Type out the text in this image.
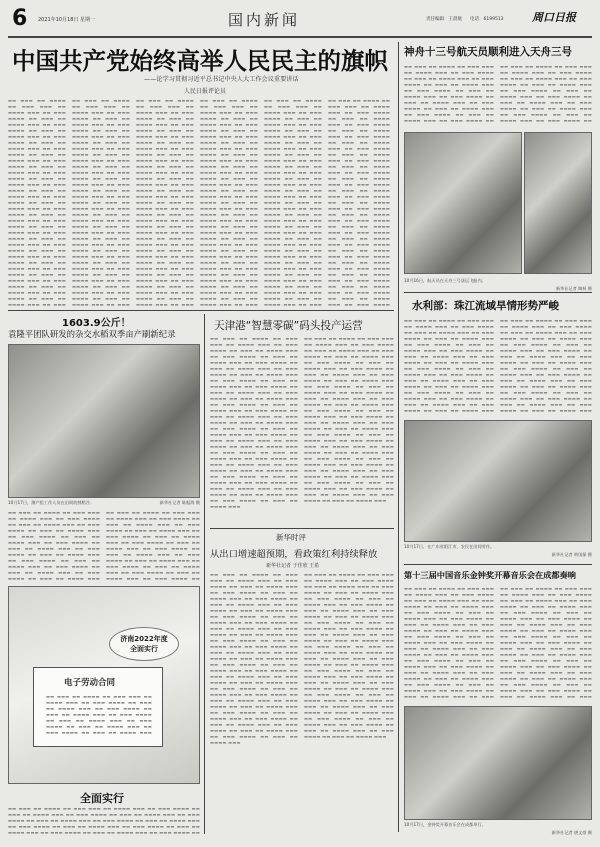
6 2021年10月18日 星期一	国内新闻	责任编辑：王晨航 电话：6199513	周口日报
中国共产党始终高举人民民主的旗帜
——论学习贯彻习近平总书记中央人大工作会议重要讲话
人民日报评论员
▬▬ ▬▬▬ ▬▬ ▬▬▬▬ ▬▬ ▬▬▬ ▬▬▬ ▬▬ ▬▬▬▬ ▬▬▬ ▬▬ ▬▬▬ ▬▬▬▬ ▬▬ ▬▬▬ ▬▬ ▬▬▬▬ ▬▬▬ ▬▬ ▬▬▬ ▬▬▬▬ ▬▬ ▬▬▬ ▬▬ ▬▬▬▬ ▬▬▬ ▬▬ ▬▬▬ ▬▬▬▬ ▬▬ ▬▬▬ ▬▬ ▬▬▬▬ ▬▬▬ ▬▬ ▬▬▬ ▬▬▬▬ ▬▬ ▬▬▬ ▬▬ ▬▬▬▬ ▬▬▬ ▬▬ ▬▬▬ ▬▬▬▬ ▬▬ ▬▬▬ ▬▬ ▬▬▬▬ ▬▬▬ ▬▬ ▬▬▬ ▬▬▬▬ ▬▬ ▬▬▬ ▬▬ ▬▬▬▬ ▬▬▬ ▬▬ ▬▬▬ ▬▬▬▬ ▬▬ ▬▬▬ ▬▬ ▬▬▬▬ ▬▬▬ ▬▬ ▬▬▬ ▬▬▬▬ ▬▬ ▬▬▬ ▬▬ ▬▬▬▬ ▬▬▬ ▬▬ ▬▬▬ ▬▬▬▬ ▬▬ ▬▬▬ ▬▬ ▬▬▬▬ ▬▬▬ ▬▬ ▬▬▬ ▬▬▬▬ ▬▬ ▬▬▬ ▬▬ ▬▬▬▬ ▬▬▬ ▬▬ ▬▬▬ ▬▬▬▬ ▬▬ ▬▬▬ ▬▬ ▬▬▬▬ ▬▬▬ ▬▬ ▬▬▬ ▬▬▬▬ ▬▬ ▬▬▬ ▬▬ ▬▬▬▬ ▬▬▬ ▬▬ ▬▬▬ ▬▬▬▬ ▬▬ ▬▬▬ ▬▬ ▬▬▬▬ ▬▬▬ ▬▬ ▬▬▬ ▬▬▬▬ ▬▬ ▬▬▬ ▬▬ ▬▬▬▬ ▬▬▬ ▬▬ ▬▬▬ ▬▬▬▬ ▬▬ ▬▬▬ ▬▬ ▬▬▬▬ ▬▬▬ ▬▬ ▬▬▬ ▬▬▬▬ ▬▬ ▬▬▬ ▬▬ ▬▬▬▬ ▬▬▬ ▬▬ ▬▬▬ ▬▬▬▬ ▬▬ ▬▬▬ ▬▬ ▬▬▬▬ ▬▬▬ ▬▬ ▬▬▬ ▬▬▬▬ ▬▬ ▬▬▬ ▬▬ ▬▬▬▬ ▬▬▬ ▬▬ ▬▬▬ ▬▬▬▬ ▬▬ ▬▬▬ ▬▬ ▬▬▬▬ ▬▬▬ ▬▬ ▬▬▬ ▬▬▬▬ ▬▬ ▬▬▬ ▬▬ ▬▬▬▬ ▬▬▬
▬▬ ▬▬▬ ▬▬ ▬▬▬▬ ▬▬ ▬▬▬ ▬▬▬ ▬▬ ▬▬▬▬ ▬▬▬ ▬▬ ▬▬▬ ▬▬▬▬ ▬▬ ▬▬▬ ▬▬ ▬▬▬▬ ▬▬▬ ▬▬ ▬▬▬ ▬▬▬▬ ▬▬ ▬▬▬ ▬▬ ▬▬▬▬ ▬▬▬ ▬▬ ▬▬▬ ▬▬▬▬ ▬▬ ▬▬▬ ▬▬ ▬▬▬▬ ▬▬▬ ▬▬ ▬▬▬ ▬▬▬▬ ▬▬ ▬▬▬ ▬▬ ▬▬▬▬ ▬▬▬ ▬▬ ▬▬▬ ▬▬▬▬ ▬▬ ▬▬▬ ▬▬ ▬▬▬▬ ▬▬▬ ▬▬ ▬▬▬ ▬▬▬▬ ▬▬ ▬▬▬ ▬▬ ▬▬▬▬ ▬▬▬ ▬▬ ▬▬▬ ▬▬▬▬ ▬▬ ▬▬▬ ▬▬ ▬▬▬▬ ▬▬▬ ▬▬ ▬▬▬ ▬▬▬▬ ▬▬ ▬▬▬ ▬▬ ▬▬▬▬ ▬▬▬ ▬▬ ▬▬▬ ▬▬▬▬ ▬▬ ▬▬▬ ▬▬ ▬▬▬▬ ▬▬▬ ▬▬ ▬▬▬ ▬▬▬▬ ▬▬ ▬▬▬ ▬▬ ▬▬▬▬ ▬▬▬ ▬▬ ▬▬▬ ▬▬▬▬ ▬▬ ▬▬▬ ▬▬ ▬▬▬▬ ▬▬▬ ▬▬ ▬▬▬ ▬▬▬▬ ▬▬ ▬▬▬ ▬▬ ▬▬▬▬ ▬▬▬ ▬▬ ▬▬▬ ▬▬▬▬ ▬▬ ▬▬▬ ▬▬ ▬▬▬▬ ▬▬▬ ▬▬ ▬▬▬ ▬▬▬▬ ▬▬ ▬▬▬ ▬▬ ▬▬▬▬ ▬▬▬ ▬▬ ▬▬▬ ▬▬▬▬ ▬▬ ▬▬▬ ▬▬ ▬▬▬▬ ▬▬▬ ▬▬ ▬▬▬ ▬▬▬▬ ▬▬ ▬▬▬ ▬▬ ▬▬▬▬ ▬▬▬ ▬▬ ▬▬▬ ▬▬▬▬ ▬▬ ▬▬▬ ▬▬ ▬▬▬▬ ▬▬▬ ▬▬ ▬▬▬ ▬▬▬▬ ▬▬ ▬▬▬ ▬▬ ▬▬▬▬ ▬▬▬ ▬▬ ▬▬▬ ▬▬▬▬ ▬▬ ▬▬▬ ▬▬ ▬▬▬▬ ▬▬▬ ▬▬ ▬▬▬ ▬▬▬▬ ▬▬ ▬▬▬ ▬▬ ▬▬▬▬ ▬▬▬
▬▬ ▬▬▬ ▬▬ ▬▬▬▬ ▬▬ ▬▬▬ ▬▬▬ ▬▬ ▬▬▬▬ ▬▬▬ ▬▬ ▬▬▬ ▬▬▬▬ ▬▬ ▬▬▬ ▬▬ ▬▬▬▬ ▬▬▬ ▬▬ ▬▬▬ ▬▬▬▬ ▬▬ ▬▬▬ ▬▬ ▬▬▬▬ ▬▬▬ ▬▬ ▬▬▬ ▬▬▬▬ ▬▬ ▬▬▬ ▬▬ ▬▬▬▬ ▬▬▬ ▬▬ ▬▬▬ ▬▬▬▬ ▬▬ ▬▬▬ ▬▬ ▬▬▬▬ ▬▬▬ ▬▬ ▬▬▬ ▬▬▬▬ ▬▬ ▬▬▬ ▬▬ ▬▬▬▬ ▬▬▬ ▬▬ ▬▬▬ ▬▬▬▬ ▬▬ ▬▬▬ ▬▬ ▬▬▬▬ ▬▬▬ ▬▬ ▬▬▬ ▬▬▬▬ ▬▬ ▬▬▬ ▬▬ ▬▬▬▬ ▬▬▬ ▬▬ ▬▬▬ ▬▬▬▬ ▬▬ ▬▬▬ ▬▬ ▬▬▬▬ ▬▬▬ ▬▬ ▬▬▬ ▬▬▬▬ ▬▬ ▬▬▬ ▬▬ ▬▬▬▬ ▬▬▬ ▬▬ ▬▬▬ ▬▬▬▬ ▬▬ ▬▬▬ ▬▬ ▬▬▬▬ ▬▬▬ ▬▬ ▬▬▬ ▬▬▬▬ ▬▬ ▬▬▬ ▬▬ ▬▬▬▬ ▬▬▬ ▬▬ ▬▬▬ ▬▬▬▬ ▬▬ ▬▬▬ ▬▬ ▬▬▬▬ ▬▬▬ ▬▬ ▬▬▬ ▬▬▬▬ ▬▬ ▬▬▬ ▬▬ ▬▬▬▬ ▬▬▬ ▬▬ ▬▬▬ ▬▬▬▬ ▬▬ ▬▬▬ ▬▬ ▬▬▬▬ ▬▬▬ ▬▬ ▬▬▬ ▬▬▬▬ ▬▬ ▬▬▬ ▬▬ ▬▬▬▬ ▬▬▬ ▬▬ ▬▬▬ ▬▬▬▬ ▬▬ ▬▬▬ ▬▬ ▬▬▬▬ ▬▬▬ ▬▬ ▬▬▬ ▬▬▬▬ ▬▬ ▬▬▬ ▬▬ ▬▬▬▬ ▬▬▬ ▬▬ ▬▬▬ ▬▬▬▬ ▬▬ ▬▬▬ ▬▬ ▬▬▬▬ ▬▬▬ ▬▬ ▬▬▬ ▬▬▬▬ ▬▬ ▬▬▬ ▬▬ ▬▬▬▬ ▬▬▬ ▬▬ ▬▬▬ ▬▬▬▬ ▬▬ ▬▬▬ ▬▬ ▬▬▬▬ ▬▬▬
▬▬ ▬▬▬ ▬▬ ▬▬▬▬ ▬▬ ▬▬▬ ▬▬▬ ▬▬ ▬▬▬▬ ▬▬▬ ▬▬ ▬▬▬ ▬▬▬▬ ▬▬ ▬▬▬ ▬▬ ▬▬▬▬ ▬▬▬ ▬▬ ▬▬▬ ▬▬▬▬ ▬▬ ▬▬▬ ▬▬ ▬▬▬▬ ▬▬▬ ▬▬ ▬▬▬ ▬▬▬▬ ▬▬ ▬▬▬ ▬▬ ▬▬▬▬ ▬▬▬ ▬▬ ▬▬▬ ▬▬▬▬ ▬▬ ▬▬▬ ▬▬ ▬▬▬▬ ▬▬▬ ▬▬ ▬▬▬ ▬▬▬▬ ▬▬ ▬▬▬ ▬▬ ▬▬▬▬ ▬▬▬ ▬▬ ▬▬▬ ▬▬▬▬ ▬▬ ▬▬▬ ▬▬ ▬▬▬▬ ▬▬▬ ▬▬ ▬▬▬ ▬▬▬▬ ▬▬ ▬▬▬ ▬▬ ▬▬▬▬ ▬▬▬ ▬▬ ▬▬▬ ▬▬▬▬ ▬▬ ▬▬▬ ▬▬ ▬▬▬▬ ▬▬▬ ▬▬ ▬▬▬ ▬▬▬▬ ▬▬ ▬▬▬ ▬▬ ▬▬▬▬ ▬▬▬ ▬▬ ▬▬▬ ▬▬▬▬ ▬▬ ▬▬▬ ▬▬ ▬▬▬▬ ▬▬▬ ▬▬ ▬▬▬ ▬▬▬▬ ▬▬ ▬▬▬ ▬▬ ▬▬▬▬ ▬▬▬ ▬▬ ▬▬▬ ▬▬▬▬ ▬▬ ▬▬▬ ▬▬ ▬▬▬▬ ▬▬▬ ▬▬ ▬▬▬ ▬▬▬▬ ▬▬ ▬▬▬ ▬▬ ▬▬▬▬ ▬▬▬ ▬▬ ▬▬▬ ▬▬▬▬ ▬▬ ▬▬▬ ▬▬ ▬▬▬▬ ▬▬▬ ▬▬ ▬▬▬ ▬▬▬▬ ▬▬ ▬▬▬ ▬▬ ▬▬▬▬ ▬▬▬ ▬▬ ▬▬▬ ▬▬▬▬ ▬▬ ▬▬▬ ▬▬ ▬▬▬▬ ▬▬▬ ▬▬ ▬▬▬ ▬▬▬▬ ▬▬ ▬▬▬ ▬▬ ▬▬▬▬ ▬▬▬ ▬▬ ▬▬▬ ▬▬▬▬ ▬▬ ▬▬▬ ▬▬ ▬▬▬▬ ▬▬▬ ▬▬ ▬▬▬ ▬▬▬▬ ▬▬ ▬▬▬ ▬▬ ▬▬▬▬ ▬▬▬ ▬▬ ▬▬▬ ▬▬▬▬ ▬▬ ▬▬▬ ▬▬ ▬▬▬▬ ▬▬▬
▬▬ ▬▬▬ ▬▬ ▬▬▬▬ ▬▬ ▬▬▬ ▬▬▬ ▬▬ ▬▬▬▬ ▬▬▬ ▬▬ ▬▬▬ ▬▬▬▬ ▬▬ ▬▬▬ ▬▬ ▬▬▬▬ ▬▬▬ ▬▬ ▬▬▬ ▬▬▬▬ ▬▬ ▬▬▬ ▬▬ ▬▬▬▬ ▬▬▬ ▬▬ ▬▬▬ ▬▬▬▬ ▬▬ ▬▬▬ ▬▬ ▬▬▬▬ ▬▬▬ ▬▬ ▬▬▬ ▬▬▬▬ ▬▬ ▬▬▬ ▬▬ ▬▬▬▬ ▬▬▬ ▬▬ ▬▬▬ ▬▬▬▬ ▬▬ ▬▬▬ ▬▬ ▬▬▬▬ ▬▬▬ ▬▬ ▬▬▬ ▬▬▬▬ ▬▬ ▬▬▬ ▬▬ ▬▬▬▬ ▬▬▬ ▬▬ ▬▬▬ ▬▬▬▬ ▬▬ ▬▬▬ ▬▬ ▬▬▬▬ ▬▬▬ ▬▬ ▬▬▬ ▬▬▬▬ ▬▬ ▬▬▬ ▬▬ ▬▬▬▬ ▬▬▬ ▬▬ ▬▬▬ ▬▬▬▬ ▬▬ ▬▬▬ ▬▬ ▬▬▬▬ ▬▬▬ ▬▬ ▬▬▬ ▬▬▬▬ ▬▬ ▬▬▬ ▬▬ ▬▬▬▬ ▬▬▬ ▬▬ ▬▬▬ ▬▬▬▬ ▬▬ ▬▬▬ ▬▬ ▬▬▬▬ ▬▬▬ ▬▬ ▬▬▬ ▬▬▬▬ ▬▬ ▬▬▬ ▬▬ ▬▬▬▬ ▬▬▬ ▬▬ ▬▬▬ ▬▬▬▬ ▬▬ ▬▬▬ ▬▬ ▬▬▬▬ ▬▬▬ ▬▬ ▬▬▬ ▬▬▬▬ ▬▬ ▬▬▬ ▬▬ ▬▬▬▬ ▬▬▬ ▬▬ ▬▬▬ ▬▬▬▬ ▬▬ ▬▬▬ ▬▬ ▬▬▬▬ ▬▬▬ ▬▬ ▬▬▬ ▬▬▬▬ ▬▬ ▬▬▬ ▬▬ ▬▬▬▬ ▬▬▬ ▬▬ ▬▬▬ ▬▬▬▬ ▬▬ ▬▬▬ ▬▬ ▬▬▬▬ ▬▬▬ ▬▬ ▬▬▬ ▬▬▬▬ ▬▬ ▬▬▬ ▬▬ ▬▬▬▬ ▬▬▬ ▬▬ ▬▬▬ ▬▬▬▬ ▬▬ ▬▬▬ ▬▬ ▬▬▬▬ ▬▬▬ ▬▬ ▬▬▬ ▬▬▬▬ ▬▬ ▬▬▬ ▬▬ ▬▬▬▬ ▬▬▬
▬▬ ▬▬▬ ▬▬ ▬▬▬▬ ▬▬ ▬▬▬ ▬▬▬ ▬▬ ▬▬▬▬ ▬▬▬ ▬▬ ▬▬▬ ▬▬▬▬ ▬▬ ▬▬▬ ▬▬ ▬▬▬▬ ▬▬▬ ▬▬ ▬▬▬ ▬▬▬▬ ▬▬ ▬▬▬ ▬▬ ▬▬▬▬ ▬▬▬ ▬▬ ▬▬▬ ▬▬▬▬ ▬▬ ▬▬▬ ▬▬ ▬▬▬▬ ▬▬▬ ▬▬ ▬▬▬ ▬▬▬▬ ▬▬ ▬▬▬ ▬▬ ▬▬▬▬ ▬▬▬ ▬▬ ▬▬▬ ▬▬▬▬ ▬▬ ▬▬▬ ▬▬ ▬▬▬▬ ▬▬▬ ▬▬ ▬▬▬ ▬▬▬▬ ▬▬ ▬▬▬ ▬▬ ▬▬▬▬ ▬▬▬ ▬▬ ▬▬▬ ▬▬▬▬ ▬▬ ▬▬▬ ▬▬ ▬▬▬▬ ▬▬▬ ▬▬ ▬▬▬ ▬▬▬▬ ▬▬ ▬▬▬ ▬▬ ▬▬▬▬ ▬▬▬ ▬▬ ▬▬▬ ▬▬▬▬ ▬▬ ▬▬▬ ▬▬ ▬▬▬▬ ▬▬▬ ▬▬ ▬▬▬ ▬▬▬▬ ▬▬ ▬▬▬ ▬▬ ▬▬▬▬ ▬▬▬ ▬▬ ▬▬▬ ▬▬▬▬ ▬▬ ▬▬▬ ▬▬ ▬▬▬▬ ▬▬▬ ▬▬ ▬▬▬ ▬▬▬▬ ▬▬ ▬▬▬ ▬▬ ▬▬▬▬ ▬▬▬ ▬▬ ▬▬▬ ▬▬▬▬ ▬▬ ▬▬▬ ▬▬ ▬▬▬▬ ▬▬▬ ▬▬ ▬▬▬ ▬▬▬▬ ▬▬ ▬▬▬ ▬▬ ▬▬▬▬ ▬▬▬ ▬▬ ▬▬▬ ▬▬▬▬ ▬▬ ▬▬▬ ▬▬ ▬▬▬▬ ▬▬▬ ▬▬ ▬▬▬ ▬▬▬▬ ▬▬ ▬▬▬ ▬▬ ▬▬▬▬ ▬▬▬ ▬▬ ▬▬▬ ▬▬▬▬ ▬▬ ▬▬▬ ▬▬ ▬▬▬▬ ▬▬▬ ▬▬ ▬▬▬ ▬▬▬▬ ▬▬ ▬▬▬ ▬▬ ▬▬▬▬ ▬▬▬ ▬▬ ▬▬▬ ▬▬▬▬ ▬▬ ▬▬▬ ▬▬ ▬▬▬▬ ▬▬▬ ▬▬ ▬▬▬ ▬▬▬▬ ▬▬ ▬▬▬ ▬▬ ▬▬▬▬ ▬▬▬
神舟十三号航天员顺利进入天舟三号
▬▬ ▬▬▬ ▬▬ ▬▬▬▬ ▬▬ ▬▬▬ ▬▬▬ ▬▬ ▬▬▬▬ ▬▬▬ ▬▬ ▬▬▬ ▬▬▬▬ ▬▬ ▬▬▬ ▬▬ ▬▬▬▬ ▬▬▬ ▬▬ ▬▬▬ ▬▬▬▬ ▬▬ ▬▬▬ ▬▬ ▬▬▬▬ ▬▬▬ ▬▬ ▬▬▬ ▬▬▬▬ ▬▬ ▬▬▬ ▬▬ ▬▬▬▬ ▬▬▬ ▬▬ ▬▬▬ ▬▬▬▬ ▬▬ ▬▬▬ ▬▬ ▬▬▬▬ ▬▬▬ ▬▬ ▬▬▬ ▬▬▬▬ ▬▬ ▬▬▬ ▬▬ ▬▬▬▬ ▬▬▬ ▬▬ ▬▬▬ ▬▬▬▬ ▬▬ ▬▬▬ ▬▬ ▬▬▬▬ ▬▬▬ ▬▬ ▬▬▬ ▬▬▬▬ ▬▬ ▬▬▬ ▬▬ ▬▬▬▬ ▬▬▬ ▬▬ ▬▬▬ ▬▬▬▬ ▬▬ ▬▬▬ ▬▬ ▬▬▬▬ ▬▬▬ ▬▬ ▬▬▬ ▬▬▬▬ ▬▬ ▬▬▬ ▬▬ ▬▬▬▬ ▬▬▬ ▬▬ ▬▬▬ ▬▬▬▬ ▬▬ ▬▬▬ ▬▬ ▬▬▬▬ ▬▬▬ ▬▬ ▬▬▬ ▬▬▬▬ ▬▬ ▬▬▬ ▬▬ ▬▬▬▬ ▬▬▬ ▬▬ ▬▬▬ ▬▬▬▬ ▬▬ ▬▬▬ ▬▬ ▬▬▬▬ ▬▬▬ ▬▬ ▬▬▬ ▬▬▬▬ ▬▬ ▬▬▬ ▬▬ ▬▬▬▬ ▬▬▬ ▬▬ ▬▬▬ ▬▬▬▬ ▬▬ ▬▬▬ ▬▬ ▬▬▬▬ ▬▬▬ ▬▬ ▬▬▬ ▬▬▬▬ ▬▬ ▬▬▬ ▬▬ ▬▬▬▬ ▬▬▬ ▬▬ ▬▬▬ ▬▬▬▬ ▬▬ ▬▬▬ ▬▬ ▬▬▬▬ ▬▬▬ ▬▬ ▬▬▬ ▬▬▬▬ ▬▬ ▬▬▬ ▬▬ ▬▬▬▬ ▬▬▬ ▬▬ ▬▬▬ ▬▬▬▬ ▬▬ ▬▬▬ ▬▬ ▬▬▬▬ ▬▬▬ ▬▬ ▬▬▬ ▬▬▬▬ ▬▬ ▬▬▬ ▬▬ ▬▬▬▬ ▬▬▬ ▬▬ ▬▬▬ ▬▬▬▬ ▬▬ ▬▬▬ ▬▬ ▬▬▬▬ ▬▬▬
▬▬ ▬▬▬ ▬▬ ▬▬▬▬ ▬▬ ▬▬▬ ▬▬▬ ▬▬ ▬▬▬▬ ▬▬▬ ▬▬ ▬▬▬ ▬▬▬▬ ▬▬ ▬▬▬ ▬▬ ▬▬▬▬ ▬▬▬ ▬▬ ▬▬▬ ▬▬▬▬ ▬▬ ▬▬▬ ▬▬ ▬▬▬▬ ▬▬▬ ▬▬ ▬▬▬ ▬▬▬▬ ▬▬ ▬▬▬ ▬▬ ▬▬▬▬ ▬▬▬ ▬▬ ▬▬▬ ▬▬▬▬ ▬▬ ▬▬▬ ▬▬ ▬▬▬▬ ▬▬▬ ▬▬ ▬▬▬ ▬▬▬▬ ▬▬ ▬▬▬ ▬▬ ▬▬▬▬ ▬▬▬ ▬▬ ▬▬▬ ▬▬▬▬ ▬▬ ▬▬▬ ▬▬ ▬▬▬▬ ▬▬▬ ▬▬ ▬▬▬ ▬▬▬▬ ▬▬ ▬▬▬ ▬▬ ▬▬▬▬ ▬▬▬ ▬▬ ▬▬▬ ▬▬▬▬ ▬▬ ▬▬▬ ▬▬ ▬▬▬▬ ▬▬▬ ▬▬ ▬▬▬ ▬▬▬▬ ▬▬ ▬▬▬ ▬▬ ▬▬▬▬ ▬▬▬ ▬▬ ▬▬▬ ▬▬▬▬ ▬▬ ▬▬▬ ▬▬ ▬▬▬▬ ▬▬▬ ▬▬ ▬▬▬ ▬▬▬▬ ▬▬ ▬▬▬ ▬▬ ▬▬▬▬ ▬▬▬ ▬▬ ▬▬▬ ▬▬▬▬ ▬▬ ▬▬▬ ▬▬ ▬▬▬▬ ▬▬▬ ▬▬ ▬▬▬ ▬▬▬▬ ▬▬ ▬▬▬ ▬▬ ▬▬▬▬ ▬▬▬ ▬▬ ▬▬▬ ▬▬▬▬ ▬▬ ▬▬▬ ▬▬ ▬▬▬▬ ▬▬▬ ▬▬ ▬▬▬ ▬▬▬▬ ▬▬ ▬▬▬ ▬▬ ▬▬▬▬ ▬▬▬ ▬▬ ▬▬▬ ▬▬▬▬ ▬▬ ▬▬▬ ▬▬ ▬▬▬▬ ▬▬▬ ▬▬ ▬▬▬ ▬▬▬▬ ▬▬ ▬▬▬ ▬▬ ▬▬▬▬ ▬▬▬ ▬▬ ▬▬▬ ▬▬▬▬ ▬▬ ▬▬▬ ▬▬ ▬▬▬▬ ▬▬▬ ▬▬ ▬▬▬ ▬▬▬▬ ▬▬ ▬▬▬ ▬▬ ▬▬▬▬ ▬▬▬ ▬▬ ▬▬▬ ▬▬▬▬ ▬▬ ▬▬▬ ▬▬ ▬▬▬▬ ▬▬▬
10月16日，航天员在天舟三号货运飞船内。
新华社记者 陶柯 摄
水利部：珠江流域旱情形势严峻
▬▬ ▬▬▬ ▬▬ ▬▬▬▬ ▬▬ ▬▬▬ ▬▬▬ ▬▬ ▬▬▬▬ ▬▬▬ ▬▬ ▬▬▬ ▬▬▬▬ ▬▬ ▬▬▬ ▬▬ ▬▬▬▬ ▬▬▬ ▬▬ ▬▬▬ ▬▬▬▬ ▬▬ ▬▬▬ ▬▬ ▬▬▬▬ ▬▬▬ ▬▬ ▬▬▬ ▬▬▬▬ ▬▬ ▬▬▬ ▬▬ ▬▬▬▬ ▬▬▬ ▬▬ ▬▬▬ ▬▬▬▬ ▬▬ ▬▬▬ ▬▬ ▬▬▬▬ ▬▬▬ ▬▬ ▬▬▬ ▬▬▬▬ ▬▬ ▬▬▬ ▬▬ ▬▬▬▬ ▬▬▬ ▬▬ ▬▬▬ ▬▬▬▬ ▬▬ ▬▬▬ ▬▬ ▬▬▬▬ ▬▬▬ ▬▬ ▬▬▬ ▬▬▬▬ ▬▬ ▬▬▬ ▬▬ ▬▬▬▬ ▬▬▬ ▬▬ ▬▬▬ ▬▬▬▬ ▬▬ ▬▬▬ ▬▬ ▬▬▬▬ ▬▬▬ ▬▬ ▬▬▬ ▬▬▬▬ ▬▬ ▬▬▬ ▬▬ ▬▬▬▬ ▬▬▬ ▬▬ ▬▬▬ ▬▬▬▬ ▬▬ ▬▬▬ ▬▬ ▬▬▬▬ ▬▬▬ ▬▬ ▬▬▬ ▬▬▬▬ ▬▬ ▬▬▬ ▬▬ ▬▬▬▬ ▬▬▬ ▬▬ ▬▬▬ ▬▬▬▬ ▬▬ ▬▬▬ ▬▬ ▬▬▬▬ ▬▬▬ ▬▬ ▬▬▬ ▬▬▬▬ ▬▬ ▬▬▬ ▬▬ ▬▬▬▬ ▬▬▬ ▬▬ ▬▬▬ ▬▬▬▬ ▬▬ ▬▬▬ ▬▬ ▬▬▬▬ ▬▬▬ ▬▬ ▬▬▬ ▬▬▬▬ ▬▬ ▬▬▬ ▬▬ ▬▬▬▬ ▬▬▬ ▬▬ ▬▬▬ ▬▬▬▬ ▬▬ ▬▬▬ ▬▬ ▬▬▬▬ ▬▬▬ ▬▬ ▬▬▬ ▬▬▬▬ ▬▬ ▬▬▬ ▬▬ ▬▬▬▬ ▬▬▬ ▬▬ ▬▬▬ ▬▬▬▬ ▬▬ ▬▬▬ ▬▬ ▬▬▬▬ ▬▬▬ ▬▬ ▬▬▬ ▬▬▬▬ ▬▬ ▬▬▬ ▬▬ ▬▬▬▬ ▬▬▬ ▬▬ ▬▬▬ ▬▬▬▬ ▬▬ ▬▬▬ ▬▬ ▬▬▬▬ ▬▬▬
▬▬ ▬▬▬ ▬▬ ▬▬▬▬ ▬▬ ▬▬▬ ▬▬▬ ▬▬ ▬▬▬▬ ▬▬▬ ▬▬ ▬▬▬ ▬▬▬▬ ▬▬ ▬▬▬ ▬▬ ▬▬▬▬ ▬▬▬ ▬▬ ▬▬▬ ▬▬▬▬ ▬▬ ▬▬▬ ▬▬ ▬▬▬▬ ▬▬▬ ▬▬ ▬▬▬ ▬▬▬▬ ▬▬ ▬▬▬ ▬▬ ▬▬▬▬ ▬▬▬ ▬▬ ▬▬▬ ▬▬▬▬ ▬▬ ▬▬▬ ▬▬ ▬▬▬▬ ▬▬▬ ▬▬ ▬▬▬ ▬▬▬▬ ▬▬ ▬▬▬ ▬▬ ▬▬▬▬ ▬▬▬ ▬▬ ▬▬▬ ▬▬▬▬ ▬▬ ▬▬▬ ▬▬ ▬▬▬▬ ▬▬▬ ▬▬ ▬▬▬ ▬▬▬▬ ▬▬ ▬▬▬ ▬▬ ▬▬▬▬ ▬▬▬ ▬▬ ▬▬▬ ▬▬▬▬ ▬▬ ▬▬▬ ▬▬ ▬▬▬▬ ▬▬▬ ▬▬ ▬▬▬ ▬▬▬▬ ▬▬ ▬▬▬ ▬▬ ▬▬▬▬ ▬▬▬ ▬▬ ▬▬▬ ▬▬▬▬ ▬▬ ▬▬▬ ▬▬ ▬▬▬▬ ▬▬▬ ▬▬ ▬▬▬ ▬▬▬▬ ▬▬ ▬▬▬ ▬▬ ▬▬▬▬ ▬▬▬ ▬▬ ▬▬▬ ▬▬▬▬ ▬▬ ▬▬▬ ▬▬ ▬▬▬▬ ▬▬▬ ▬▬ ▬▬▬ ▬▬▬▬ ▬▬ ▬▬▬ ▬▬ ▬▬▬▬ ▬▬▬ ▬▬ ▬▬▬ ▬▬▬▬ ▬▬ ▬▬▬ ▬▬ ▬▬▬▬ ▬▬▬ ▬▬ ▬▬▬ ▬▬▬▬ ▬▬ ▬▬▬ ▬▬ ▬▬▬▬ ▬▬▬ ▬▬ ▬▬▬ ▬▬▬▬ ▬▬ ▬▬▬ ▬▬ ▬▬▬▬ ▬▬▬ ▬▬ ▬▬▬ ▬▬▬▬ ▬▬ ▬▬▬ ▬▬ ▬▬▬▬ ▬▬▬ ▬▬ ▬▬▬ ▬▬▬▬ ▬▬ ▬▬▬ ▬▬ ▬▬▬▬ ▬▬▬ ▬▬ ▬▬▬ ▬▬▬▬ ▬▬ ▬▬▬ ▬▬ ▬▬▬▬ ▬▬▬ ▬▬ ▬▬▬ ▬▬▬▬ ▬▬ ▬▬▬ ▬▬ ▬▬▬▬ ▬▬▬
10月17日，在广东省阳江市，农民在田间劳作。
新华社记者 黄国保 摄
第十三届中国音乐金钟奖开幕音乐会在成都奏响
▬▬ ▬▬▬ ▬▬ ▬▬▬▬ ▬▬ ▬▬▬ ▬▬▬ ▬▬ ▬▬▬▬ ▬▬▬ ▬▬ ▬▬▬ ▬▬▬▬ ▬▬ ▬▬▬ ▬▬ ▬▬▬▬ ▬▬▬ ▬▬ ▬▬▬ ▬▬▬▬ ▬▬ ▬▬▬ ▬▬ ▬▬▬▬ ▬▬▬ ▬▬ ▬▬▬ ▬▬▬▬ ▬▬ ▬▬▬ ▬▬ ▬▬▬▬ ▬▬▬ ▬▬ ▬▬▬ ▬▬▬▬ ▬▬ ▬▬▬ ▬▬ ▬▬▬▬ ▬▬▬ ▬▬ ▬▬▬ ▬▬▬▬ ▬▬ ▬▬▬ ▬▬ ▬▬▬▬ ▬▬▬ ▬▬ ▬▬▬ ▬▬▬▬ ▬▬ ▬▬▬ ▬▬ ▬▬▬▬ ▬▬▬ ▬▬ ▬▬▬ ▬▬▬▬ ▬▬ ▬▬▬ ▬▬ ▬▬▬▬ ▬▬▬ ▬▬ ▬▬▬ ▬▬▬▬ ▬▬ ▬▬▬ ▬▬ ▬▬▬▬ ▬▬▬ ▬▬ ▬▬▬ ▬▬▬▬ ▬▬ ▬▬▬ ▬▬ ▬▬▬▬ ▬▬▬ ▬▬ ▬▬▬ ▬▬▬▬ ▬▬ ▬▬▬ ▬▬ ▬▬▬▬ ▬▬▬ ▬▬ ▬▬▬ ▬▬▬▬ ▬▬ ▬▬▬ ▬▬ ▬▬▬▬ ▬▬▬ ▬▬ ▬▬▬ ▬▬▬▬ ▬▬ ▬▬▬ ▬▬ ▬▬▬▬ ▬▬▬ ▬▬ ▬▬▬ ▬▬▬▬ ▬▬ ▬▬▬ ▬▬ ▬▬▬▬ ▬▬▬ ▬▬ ▬▬▬ ▬▬▬▬ ▬▬ ▬▬▬ ▬▬ ▬▬▬▬ ▬▬▬ ▬▬ ▬▬▬ ▬▬▬▬ ▬▬ ▬▬▬ ▬▬ ▬▬▬▬ ▬▬▬ ▬▬ ▬▬▬ ▬▬▬▬ ▬▬ ▬▬▬ ▬▬ ▬▬▬▬ ▬▬▬ ▬▬ ▬▬▬ ▬▬▬▬ ▬▬ ▬▬▬ ▬▬ ▬▬▬▬ ▬▬▬ ▬▬ ▬▬▬ ▬▬▬▬ ▬▬ ▬▬▬ ▬▬ ▬▬▬▬ ▬▬▬ ▬▬ ▬▬▬ ▬▬▬▬ ▬▬ ▬▬▬ ▬▬ ▬▬▬▬ ▬▬▬ ▬▬ ▬▬▬ ▬▬▬▬ ▬▬ ▬▬▬ ▬▬ ▬▬▬▬ ▬▬▬
▬▬ ▬▬▬ ▬▬ ▬▬▬▬ ▬▬ ▬▬▬ ▬▬▬ ▬▬ ▬▬▬▬ ▬▬▬ ▬▬ ▬▬▬ ▬▬▬▬ ▬▬ ▬▬▬ ▬▬ ▬▬▬▬ ▬▬▬ ▬▬ ▬▬▬ ▬▬▬▬ ▬▬ ▬▬▬ ▬▬ ▬▬▬▬ ▬▬▬ ▬▬ ▬▬▬ ▬▬▬▬ ▬▬ ▬▬▬ ▬▬ ▬▬▬▬ ▬▬▬ ▬▬ ▬▬▬ ▬▬▬▬ ▬▬ ▬▬▬ ▬▬ ▬▬▬▬ ▬▬▬ ▬▬ ▬▬▬ ▬▬▬▬ ▬▬ ▬▬▬ ▬▬ ▬▬▬▬ ▬▬▬ ▬▬ ▬▬▬ ▬▬▬▬ ▬▬ ▬▬▬ ▬▬ ▬▬▬▬ ▬▬▬ ▬▬ ▬▬▬ ▬▬▬▬ ▬▬ ▬▬▬ ▬▬ ▬▬▬▬ ▬▬▬ ▬▬ ▬▬▬ ▬▬▬▬ ▬▬ ▬▬▬ ▬▬ ▬▬▬▬ ▬▬▬ ▬▬ ▬▬▬ ▬▬▬▬ ▬▬ ▬▬▬ ▬▬ ▬▬▬▬ ▬▬▬ ▬▬ ▬▬▬ ▬▬▬▬ ▬▬ ▬▬▬ ▬▬ ▬▬▬▬ ▬▬▬ ▬▬ ▬▬▬ ▬▬▬▬ ▬▬ ▬▬▬ ▬▬ ▬▬▬▬ ▬▬▬ ▬▬ ▬▬▬ ▬▬▬▬ ▬▬ ▬▬▬ ▬▬ ▬▬▬▬ ▬▬▬ ▬▬ ▬▬▬ ▬▬▬▬ ▬▬ ▬▬▬ ▬▬ ▬▬▬▬ ▬▬▬ ▬▬ ▬▬▬ ▬▬▬▬ ▬▬ ▬▬▬ ▬▬ ▬▬▬▬ ▬▬▬ ▬▬ ▬▬▬ ▬▬▬▬ ▬▬ ▬▬▬ ▬▬ ▬▬▬▬ ▬▬▬ ▬▬ ▬▬▬ ▬▬▬▬ ▬▬ ▬▬▬ ▬▬ ▬▬▬▬ ▬▬▬ ▬▬ ▬▬▬ ▬▬▬▬ ▬▬ ▬▬▬ ▬▬ ▬▬▬▬ ▬▬▬ ▬▬ ▬▬▬ ▬▬▬▬ ▬▬ ▬▬▬ ▬▬ ▬▬▬▬ ▬▬▬ ▬▬ ▬▬▬ ▬▬▬▬ ▬▬ ▬▬▬ ▬▬ ▬▬▬▬ ▬▬▬ ▬▬ ▬▬▬ ▬▬▬▬ ▬▬ ▬▬▬ ▬▬ ▬▬▬▬ ▬▬▬
10月17日，金钟奖开幕音乐会在成都举行。
新华社记者 唐文豪 摄
1603.9公斤！
袁隆平团队研发的杂交水稻双季亩产刷新纪录
10月17日，测产组工作人员在田间收割稻谷。	新华社记者 陈振海 摄
▬▬ ▬▬▬ ▬▬ ▬▬▬▬ ▬▬ ▬▬▬ ▬▬▬ ▬▬ ▬▬▬▬ ▬▬▬ ▬▬ ▬▬▬ ▬▬▬▬ ▬▬ ▬▬▬ ▬▬ ▬▬▬▬ ▬▬▬ ▬▬ ▬▬▬ ▬▬▬▬ ▬▬ ▬▬▬ ▬▬ ▬▬▬▬ ▬▬▬ ▬▬ ▬▬▬ ▬▬▬▬ ▬▬ ▬▬▬ ▬▬ ▬▬▬▬ ▬▬▬ ▬▬ ▬▬▬ ▬▬▬▬ ▬▬ ▬▬▬ ▬▬ ▬▬▬▬ ▬▬▬ ▬▬ ▬▬▬ ▬▬▬▬ ▬▬ ▬▬▬ ▬▬ ▬▬▬▬ ▬▬▬ ▬▬ ▬▬▬ ▬▬▬▬ ▬▬ ▬▬▬ ▬▬ ▬▬▬▬ ▬▬▬ ▬▬ ▬▬▬ ▬▬▬▬ ▬▬ ▬▬▬ ▬▬ ▬▬▬▬ ▬▬▬ ▬▬ ▬▬▬ ▬▬▬▬ ▬▬ ▬▬▬ ▬▬ ▬▬▬▬ ▬▬▬ ▬▬ ▬▬▬ ▬▬▬▬ ▬▬ ▬▬▬ ▬▬ ▬▬▬▬ ▬▬▬ ▬▬ ▬▬▬ ▬▬▬▬ ▬▬ ▬▬▬ ▬▬ ▬▬▬▬ ▬▬▬ ▬▬ ▬▬▬ ▬▬▬▬ ▬▬ ▬▬▬ ▬▬ ▬▬▬▬ ▬▬▬ ▬▬ ▬▬▬ ▬▬▬▬ ▬▬ ▬▬▬ ▬▬ ▬▬▬▬ ▬▬▬ ▬▬ ▬▬▬ ▬▬▬▬ ▬▬ ▬▬▬ ▬▬ ▬▬▬▬ ▬▬▬ ▬▬ ▬▬▬ ▬▬▬▬ ▬▬ ▬▬▬ ▬▬ ▬▬▬▬ ▬▬▬ ▬▬ ▬▬▬ ▬▬▬▬ ▬▬ ▬▬▬ ▬▬ ▬▬▬▬ ▬▬▬ ▬▬ ▬▬▬ ▬▬▬▬ ▬▬ ▬▬▬ ▬▬ ▬▬▬▬ ▬▬▬ ▬▬ ▬▬▬ ▬▬▬▬ ▬▬ ▬▬▬ ▬▬ ▬▬▬▬ ▬▬▬ ▬▬ ▬▬▬ ▬▬▬▬ ▬▬ ▬▬▬ ▬▬ ▬▬▬▬ ▬▬▬ ▬▬ ▬▬▬ ▬▬▬▬ ▬▬ ▬▬▬ ▬▬ ▬▬▬▬ ▬▬▬ ▬▬ ▬▬▬ ▬▬▬▬ ▬▬ ▬▬▬ ▬▬ ▬▬▬▬ ▬▬▬
▬▬ ▬▬▬ ▬▬ ▬▬▬▬ ▬▬ ▬▬▬ ▬▬▬ ▬▬ ▬▬▬▬ ▬▬▬ ▬▬ ▬▬▬ ▬▬▬▬ ▬▬ ▬▬▬ ▬▬ ▬▬▬▬ ▬▬▬ ▬▬ ▬▬▬ ▬▬▬▬ ▬▬ ▬▬▬ ▬▬ ▬▬▬▬ ▬▬▬ ▬▬ ▬▬▬ ▬▬▬▬ ▬▬ ▬▬▬ ▬▬ ▬▬▬▬ ▬▬▬ ▬▬ ▬▬▬ ▬▬▬▬ ▬▬ ▬▬▬ ▬▬ ▬▬▬▬ ▬▬▬ ▬▬ ▬▬▬ ▬▬▬▬ ▬▬ ▬▬▬ ▬▬ ▬▬▬▬ ▬▬▬ ▬▬ ▬▬▬ ▬▬▬▬ ▬▬ ▬▬▬ ▬▬ ▬▬▬▬ ▬▬▬ ▬▬ ▬▬▬ ▬▬▬▬ ▬▬ ▬▬▬ ▬▬ ▬▬▬▬ ▬▬▬ ▬▬ ▬▬▬ ▬▬▬▬ ▬▬ ▬▬▬ ▬▬ ▬▬▬▬ ▬▬▬ ▬▬ ▬▬▬ ▬▬▬▬ ▬▬ ▬▬▬ ▬▬ ▬▬▬▬ ▬▬▬ ▬▬ ▬▬▬ ▬▬▬▬ ▬▬ ▬▬▬ ▬▬ ▬▬▬▬ ▬▬▬ ▬▬ ▬▬▬ ▬▬▬▬ ▬▬ ▬▬▬ ▬▬ ▬▬▬▬ ▬▬▬ ▬▬ ▬▬▬ ▬▬▬▬ ▬▬ ▬▬▬ ▬▬ ▬▬▬▬ ▬▬▬ ▬▬ ▬▬▬ ▬▬▬▬ ▬▬ ▬▬▬ ▬▬ ▬▬▬▬ ▬▬▬ ▬▬ ▬▬▬ ▬▬▬▬ ▬▬ ▬▬▬ ▬▬ ▬▬▬▬ ▬▬▬ ▬▬ ▬▬▬ ▬▬▬▬ ▬▬ ▬▬▬ ▬▬ ▬▬▬▬ ▬▬▬ ▬▬ ▬▬▬ ▬▬▬▬ ▬▬ ▬▬▬ ▬▬ ▬▬▬▬ ▬▬▬ ▬▬ ▬▬▬ ▬▬▬▬ ▬▬ ▬▬▬ ▬▬ ▬▬▬▬ ▬▬▬ ▬▬ ▬▬▬ ▬▬▬▬ ▬▬ ▬▬▬ ▬▬ ▬▬▬▬ ▬▬▬ ▬▬ ▬▬▬ ▬▬▬▬ ▬▬ ▬▬▬ ▬▬ ▬▬▬▬ ▬▬▬ ▬▬ ▬▬▬ ▬▬▬▬ ▬▬ ▬▬▬ ▬▬ ▬▬▬▬ ▬▬▬
天津港“智慧零碳”码头投产运营
▬▬ ▬▬▬ ▬▬ ▬▬▬▬ ▬▬ ▬▬▬ ▬▬▬ ▬▬ ▬▬▬▬ ▬▬▬ ▬▬ ▬▬▬ ▬▬▬▬ ▬▬ ▬▬▬ ▬▬ ▬▬▬▬ ▬▬▬ ▬▬ ▬▬▬ ▬▬▬▬ ▬▬ ▬▬▬ ▬▬ ▬▬▬▬ ▬▬▬ ▬▬ ▬▬▬ ▬▬▬▬ ▬▬ ▬▬▬ ▬▬ ▬▬▬▬ ▬▬▬ ▬▬ ▬▬▬ ▬▬▬▬ ▬▬ ▬▬▬ ▬▬ ▬▬▬▬ ▬▬▬ ▬▬ ▬▬▬ ▬▬▬▬ ▬▬ ▬▬▬ ▬▬ ▬▬▬▬ ▬▬▬ ▬▬ ▬▬▬ ▬▬▬▬ ▬▬ ▬▬▬ ▬▬ ▬▬▬▬ ▬▬▬ ▬▬ ▬▬▬ ▬▬▬▬ ▬▬ ▬▬▬ ▬▬ ▬▬▬▬ ▬▬▬ ▬▬ ▬▬▬ ▬▬▬▬ ▬▬ ▬▬▬ ▬▬ ▬▬▬▬ ▬▬▬ ▬▬ ▬▬▬ ▬▬▬▬ ▬▬ ▬▬▬ ▬▬ ▬▬▬▬ ▬▬▬ ▬▬ ▬▬▬ ▬▬▬▬ ▬▬ ▬▬▬ ▬▬ ▬▬▬▬ ▬▬▬ ▬▬ ▬▬▬ ▬▬▬▬ ▬▬ ▬▬▬ ▬▬ ▬▬▬▬ ▬▬▬ ▬▬ ▬▬▬ ▬▬▬▬ ▬▬ ▬▬▬ ▬▬ ▬▬▬▬ ▬▬▬ ▬▬ ▬▬▬ ▬▬▬▬ ▬▬ ▬▬▬ ▬▬ ▬▬▬▬ ▬▬▬ ▬▬ ▬▬▬ ▬▬▬▬ ▬▬ ▬▬▬ ▬▬ ▬▬▬▬ ▬▬▬ ▬▬ ▬▬▬ ▬▬▬▬ ▬▬ ▬▬▬ ▬▬ ▬▬▬▬ ▬▬▬ ▬▬ ▬▬▬ ▬▬▬▬ ▬▬ ▬▬▬ ▬▬ ▬▬▬▬ ▬▬▬ ▬▬ ▬▬▬ ▬▬▬▬ ▬▬ ▬▬▬ ▬▬ ▬▬▬▬ ▬▬▬ ▬▬ ▬▬▬ ▬▬▬▬ ▬▬ ▬▬▬ ▬▬ ▬▬▬▬ ▬▬▬ ▬▬ ▬▬▬ ▬▬▬▬ ▬▬ ▬▬▬ ▬▬ ▬▬▬▬ ▬▬▬ ▬▬ ▬▬▬ ▬▬▬▬ ▬▬ ▬▬▬ ▬▬ ▬▬▬▬ ▬▬▬
▬▬ ▬▬▬ ▬▬ ▬▬▬▬ ▬▬ ▬▬▬ ▬▬▬ ▬▬ ▬▬▬▬ ▬▬▬ ▬▬ ▬▬▬ ▬▬▬▬ ▬▬ ▬▬▬ ▬▬ ▬▬▬▬ ▬▬▬ ▬▬ ▬▬▬ ▬▬▬▬ ▬▬ ▬▬▬ ▬▬ ▬▬▬▬ ▬▬▬ ▬▬ ▬▬▬ ▬▬▬▬ ▬▬ ▬▬▬ ▬▬ ▬▬▬▬ ▬▬▬ ▬▬ ▬▬▬ ▬▬▬▬ ▬▬ ▬▬▬ ▬▬ ▬▬▬▬ ▬▬▬ ▬▬ ▬▬▬ ▬▬▬▬ ▬▬ ▬▬▬ ▬▬ ▬▬▬▬ ▬▬▬ ▬▬ ▬▬▬ ▬▬▬▬ ▬▬ ▬▬▬ ▬▬ ▬▬▬▬ ▬▬▬ ▬▬ ▬▬▬ ▬▬▬▬ ▬▬ ▬▬▬ ▬▬ ▬▬▬▬ ▬▬▬ ▬▬ ▬▬▬ ▬▬▬▬ ▬▬ ▬▬▬ ▬▬ ▬▬▬▬ ▬▬▬ ▬▬ ▬▬▬ ▬▬▬▬ ▬▬ ▬▬▬ ▬▬ ▬▬▬▬ ▬▬▬ ▬▬ ▬▬▬ ▬▬▬▬ ▬▬ ▬▬▬ ▬▬ ▬▬▬▬ ▬▬▬ ▬▬ ▬▬▬ ▬▬▬▬ ▬▬ ▬▬▬ ▬▬ ▬▬▬▬ ▬▬▬ ▬▬ ▬▬▬ ▬▬▬▬ ▬▬ ▬▬▬ ▬▬ ▬▬▬▬ ▬▬▬ ▬▬ ▬▬▬ ▬▬▬▬ ▬▬ ▬▬▬ ▬▬ ▬▬▬▬ ▬▬▬ ▬▬ ▬▬▬ ▬▬▬▬ ▬▬ ▬▬▬ ▬▬ ▬▬▬▬ ▬▬▬ ▬▬ ▬▬▬ ▬▬▬▬ ▬▬ ▬▬▬ ▬▬ ▬▬▬▬ ▬▬▬ ▬▬ ▬▬▬ ▬▬▬▬ ▬▬ ▬▬▬ ▬▬ ▬▬▬▬ ▬▬▬ ▬▬ ▬▬▬ ▬▬▬▬ ▬▬ ▬▬▬ ▬▬ ▬▬▬▬ ▬▬▬ ▬▬ ▬▬▬ ▬▬▬▬ ▬▬ ▬▬▬ ▬▬ ▬▬▬▬ ▬▬▬ ▬▬ ▬▬▬ ▬▬▬▬ ▬▬ ▬▬▬ ▬▬ ▬▬▬▬ ▬▬▬ ▬▬ ▬▬▬ ▬▬▬▬ ▬▬ ▬▬▬ ▬▬ ▬▬▬▬ ▬▬▬
新华时评
从出口增速超预期，看政策红利持续释放
新华社记者 于佳欣 王希
▬▬ ▬▬▬ ▬▬ ▬▬▬▬ ▬▬ ▬▬▬ ▬▬▬ ▬▬ ▬▬▬▬ ▬▬▬ ▬▬ ▬▬▬ ▬▬▬▬ ▬▬ ▬▬▬ ▬▬ ▬▬▬▬ ▬▬▬ ▬▬ ▬▬▬ ▬▬▬▬ ▬▬ ▬▬▬ ▬▬ ▬▬▬▬ ▬▬▬ ▬▬ ▬▬▬ ▬▬▬▬ ▬▬ ▬▬▬ ▬▬ ▬▬▬▬ ▬▬▬ ▬▬ ▬▬▬ ▬▬▬▬ ▬▬ ▬▬▬ ▬▬ ▬▬▬▬ ▬▬▬ ▬▬ ▬▬▬ ▬▬▬▬ ▬▬ ▬▬▬ ▬▬ ▬▬▬▬ ▬▬▬ ▬▬ ▬▬▬ ▬▬▬▬ ▬▬ ▬▬▬ ▬▬ ▬▬▬▬ ▬▬▬ ▬▬ ▬▬▬ ▬▬▬▬ ▬▬ ▬▬▬ ▬▬ ▬▬▬▬ ▬▬▬ ▬▬ ▬▬▬ ▬▬▬▬ ▬▬ ▬▬▬ ▬▬ ▬▬▬▬ ▬▬▬ ▬▬ ▬▬▬ ▬▬▬▬ ▬▬ ▬▬▬ ▬▬ ▬▬▬▬ ▬▬▬ ▬▬ ▬▬▬ ▬▬▬▬ ▬▬ ▬▬▬ ▬▬ ▬▬▬▬ ▬▬▬ ▬▬ ▬▬▬ ▬▬▬▬ ▬▬ ▬▬▬ ▬▬ ▬▬▬▬ ▬▬▬ ▬▬ ▬▬▬ ▬▬▬▬ ▬▬ ▬▬▬ ▬▬ ▬▬▬▬ ▬▬▬ ▬▬ ▬▬▬ ▬▬▬▬ ▬▬ ▬▬▬ ▬▬ ▬▬▬▬ ▬▬▬ ▬▬ ▬▬▬ ▬▬▬▬ ▬▬ ▬▬▬ ▬▬ ▬▬▬▬ ▬▬▬ ▬▬ ▬▬▬ ▬▬▬▬ ▬▬ ▬▬▬ ▬▬ ▬▬▬▬ ▬▬▬ ▬▬ ▬▬▬ ▬▬▬▬ ▬▬ ▬▬▬ ▬▬ ▬▬▬▬ ▬▬▬ ▬▬ ▬▬▬ ▬▬▬▬ ▬▬ ▬▬▬ ▬▬ ▬▬▬▬ ▬▬▬ ▬▬ ▬▬▬ ▬▬▬▬ ▬▬ ▬▬▬ ▬▬ ▬▬▬▬ ▬▬▬ ▬▬ ▬▬▬ ▬▬▬▬ ▬▬ ▬▬▬ ▬▬ ▬▬▬▬ ▬▬▬ ▬▬ ▬▬▬ ▬▬▬▬ ▬▬ ▬▬▬ ▬▬ ▬▬▬▬ ▬▬▬
▬▬ ▬▬▬ ▬▬ ▬▬▬▬ ▬▬ ▬▬▬ ▬▬▬ ▬▬ ▬▬▬▬ ▬▬▬ ▬▬ ▬▬▬ ▬▬▬▬ ▬▬ ▬▬▬ ▬▬ ▬▬▬▬ ▬▬▬ ▬▬ ▬▬▬ ▬▬▬▬ ▬▬ ▬▬▬ ▬▬ ▬▬▬▬ ▬▬▬ ▬▬ ▬▬▬ ▬▬▬▬ ▬▬ ▬▬▬ ▬▬ ▬▬▬▬ ▬▬▬ ▬▬ ▬▬▬ ▬▬▬▬ ▬▬ ▬▬▬ ▬▬ ▬▬▬▬ ▬▬▬ ▬▬ ▬▬▬ ▬▬▬▬ ▬▬ ▬▬▬ ▬▬ ▬▬▬▬ ▬▬▬ ▬▬ ▬▬▬ ▬▬▬▬ ▬▬ ▬▬▬ ▬▬ ▬▬▬▬ ▬▬▬ ▬▬ ▬▬▬ ▬▬▬▬ ▬▬ ▬▬▬ ▬▬ ▬▬▬▬ ▬▬▬ ▬▬ ▬▬▬ ▬▬▬▬ ▬▬ ▬▬▬ ▬▬ ▬▬▬▬ ▬▬▬ ▬▬ ▬▬▬ ▬▬▬▬ ▬▬ ▬▬▬ ▬▬ ▬▬▬▬ ▬▬▬ ▬▬ ▬▬▬ ▬▬▬▬ ▬▬ ▬▬▬ ▬▬ ▬▬▬▬ ▬▬▬ ▬▬ ▬▬▬ ▬▬▬▬ ▬▬ ▬▬▬ ▬▬ ▬▬▬▬ ▬▬▬ ▬▬ ▬▬▬ ▬▬▬▬ ▬▬ ▬▬▬ ▬▬ ▬▬▬▬ ▬▬▬ ▬▬ ▬▬▬ ▬▬▬▬ ▬▬ ▬▬▬ ▬▬ ▬▬▬▬ ▬▬▬ ▬▬ ▬▬▬ ▬▬▬▬ ▬▬ ▬▬▬ ▬▬ ▬▬▬▬ ▬▬▬ ▬▬ ▬▬▬ ▬▬▬▬ ▬▬ ▬▬▬ ▬▬ ▬▬▬▬ ▬▬▬ ▬▬ ▬▬▬ ▬▬▬▬ ▬▬ ▬▬▬ ▬▬ ▬▬▬▬ ▬▬▬ ▬▬ ▬▬▬ ▬▬▬▬ ▬▬ ▬▬▬ ▬▬ ▬▬▬▬ ▬▬▬ ▬▬ ▬▬▬ ▬▬▬▬ ▬▬ ▬▬▬ ▬▬ ▬▬▬▬ ▬▬▬ ▬▬ ▬▬▬ ▬▬▬▬ ▬▬ ▬▬▬ ▬▬ ▬▬▬▬ ▬▬▬ ▬▬ ▬▬▬ ▬▬▬▬ ▬▬ ▬▬▬ ▬▬ ▬▬▬▬ ▬▬▬
济南2022年度
全面实行
电子劳动合同
▬▬ ▬▬▬ ▬▬ ▬▬▬▬ ▬▬ ▬▬▬ ▬▬▬ ▬▬ ▬▬▬▬ ▬▬▬ ▬▬ ▬▬▬ ▬▬▬▬ ▬▬ ▬▬▬ ▬▬ ▬▬▬▬ ▬▬▬ ▬▬ ▬▬▬ ▬▬▬▬ ▬▬ ▬▬▬ ▬▬ ▬▬▬▬ ▬▬▬ ▬▬ ▬▬▬ ▬▬▬▬ ▬▬ ▬▬▬ ▬▬ ▬▬▬▬ ▬▬▬ ▬▬ ▬▬▬ ▬▬▬▬ ▬▬ ▬▬▬ ▬▬ ▬▬▬▬ ▬▬▬ ▬▬ ▬▬▬ ▬▬▬▬ ▬▬ ▬▬▬ ▬▬ ▬▬▬▬ ▬▬▬ ▬▬ ▬▬▬ ▬▬▬▬ ▬▬ ▬▬▬ ▬▬ ▬▬▬▬ ▬▬▬ ▬▬ ▬▬▬ ▬▬▬▬ ▬▬ ▬▬▬ ▬▬ ▬▬▬▬ ▬▬▬ ▬▬ ▬▬▬ ▬▬▬▬ ▬▬ ▬▬▬ ▬▬ ▬▬▬▬ ▬▬▬ ▬▬ ▬▬▬ ▬▬▬▬ ▬▬ ▬▬▬ ▬▬ ▬▬▬▬ ▬▬▬ ▬▬ ▬▬▬ ▬▬▬▬ ▬▬ ▬▬▬ ▬▬ ▬▬▬▬ ▬▬▬ ▬▬ ▬▬▬ ▬▬▬▬ ▬▬ ▬▬▬ ▬▬ ▬▬▬▬ ▬▬▬ ▬▬ ▬▬▬ ▬▬▬▬ ▬▬ ▬▬▬ ▬▬ ▬▬▬▬ ▬▬▬ ▬▬ ▬▬▬ ▬▬▬▬ ▬▬ ▬▬▬ ▬▬ ▬▬▬▬ ▬▬▬ ▬▬ ▬▬▬ ▬▬▬▬ ▬▬ ▬▬▬ ▬▬ ▬▬▬▬ ▬▬▬ ▬▬ ▬▬▬ ▬▬▬▬ ▬▬ ▬▬▬ ▬▬ ▬▬▬▬ ▬▬▬ ▬▬ ▬▬▬ ▬▬▬▬ ▬▬ ▬▬▬ ▬▬ ▬▬▬▬ ▬▬▬ ▬▬ ▬▬▬ ▬▬▬▬ ▬▬ ▬▬▬ ▬▬ ▬▬▬▬ ▬▬▬ ▬▬ ▬▬▬ ▬▬▬▬ ▬▬ ▬▬▬ ▬▬ ▬▬▬▬ ▬▬▬ ▬▬ ▬▬▬ ▬▬▬▬ ▬▬ ▬▬▬ ▬▬ ▬▬▬▬ ▬▬▬ ▬▬ ▬▬▬ ▬▬▬▬ ▬▬ ▬▬▬ ▬▬ ▬▬▬▬ ▬▬▬
全面实行
▬▬ ▬▬▬ ▬▬ ▬▬▬▬ ▬▬ ▬▬▬ ▬▬▬ ▬▬ ▬▬▬▬ ▬▬▬ ▬▬ ▬▬▬ ▬▬▬▬ ▬▬ ▬▬▬ ▬▬ ▬▬▬▬ ▬▬▬ ▬▬ ▬▬▬ ▬▬▬▬ ▬▬ ▬▬▬ ▬▬ ▬▬▬▬ ▬▬▬ ▬▬ ▬▬▬ ▬▬▬▬ ▬▬ ▬▬▬ ▬▬ ▬▬▬▬ ▬▬▬ ▬▬ ▬▬▬ ▬▬▬▬ ▬▬ ▬▬▬ ▬▬ ▬▬▬▬ ▬▬▬ ▬▬ ▬▬▬ ▬▬▬▬ ▬▬ ▬▬▬ ▬▬ ▬▬▬▬ ▬▬▬ ▬▬ ▬▬▬ ▬▬▬▬ ▬▬ ▬▬▬ ▬▬ ▬▬▬▬ ▬▬▬ ▬▬ ▬▬▬ ▬▬▬▬ ▬▬ ▬▬▬ ▬▬ ▬▬▬▬ ▬▬▬ ▬▬ ▬▬▬ ▬▬▬▬ ▬▬ ▬▬▬ ▬▬ ▬▬▬▬ ▬▬▬ ▬▬ ▬▬▬ ▬▬▬▬ ▬▬ ▬▬▬ ▬▬ ▬▬▬▬ ▬▬▬ ▬▬ ▬▬▬ ▬▬▬▬ ▬▬ ▬▬▬ ▬▬ ▬▬▬▬ ▬▬▬ ▬▬ ▬▬▬ ▬▬▬▬ ▬▬ ▬▬▬ ▬▬ ▬▬▬▬ ▬▬▬ ▬▬ ▬▬▬ ▬▬▬▬ ▬▬ ▬▬▬ ▬▬ ▬▬▬▬ ▬▬▬ ▬▬ ▬▬▬ ▬▬▬▬ ▬▬ ▬▬▬ ▬▬ ▬▬▬▬ ▬▬▬ ▬▬ ▬▬▬ ▬▬▬▬ ▬▬ ▬▬▬ ▬▬ ▬▬▬▬ ▬▬▬ ▬▬ ▬▬▬ ▬▬▬▬ ▬▬ ▬▬▬ ▬▬ ▬▬▬▬ ▬▬▬ ▬▬ ▬▬▬ ▬▬▬▬ ▬▬ ▬▬▬ ▬▬ ▬▬▬▬ ▬▬▬ ▬▬ ▬▬▬ ▬▬▬▬ ▬▬ ▬▬▬ ▬▬ ▬▬▬▬ ▬▬▬ ▬▬ ▬▬▬ ▬▬▬▬ ▬▬ ▬▬▬ ▬▬ ▬▬▬▬ ▬▬▬ ▬▬ ▬▬▬ ▬▬▬▬ ▬▬ ▬▬▬ ▬▬ ▬▬▬▬ ▬▬▬ ▬▬ ▬▬▬ ▬▬▬▬ ▬▬ ▬▬▬ ▬▬ ▬▬▬▬ ▬▬▬
